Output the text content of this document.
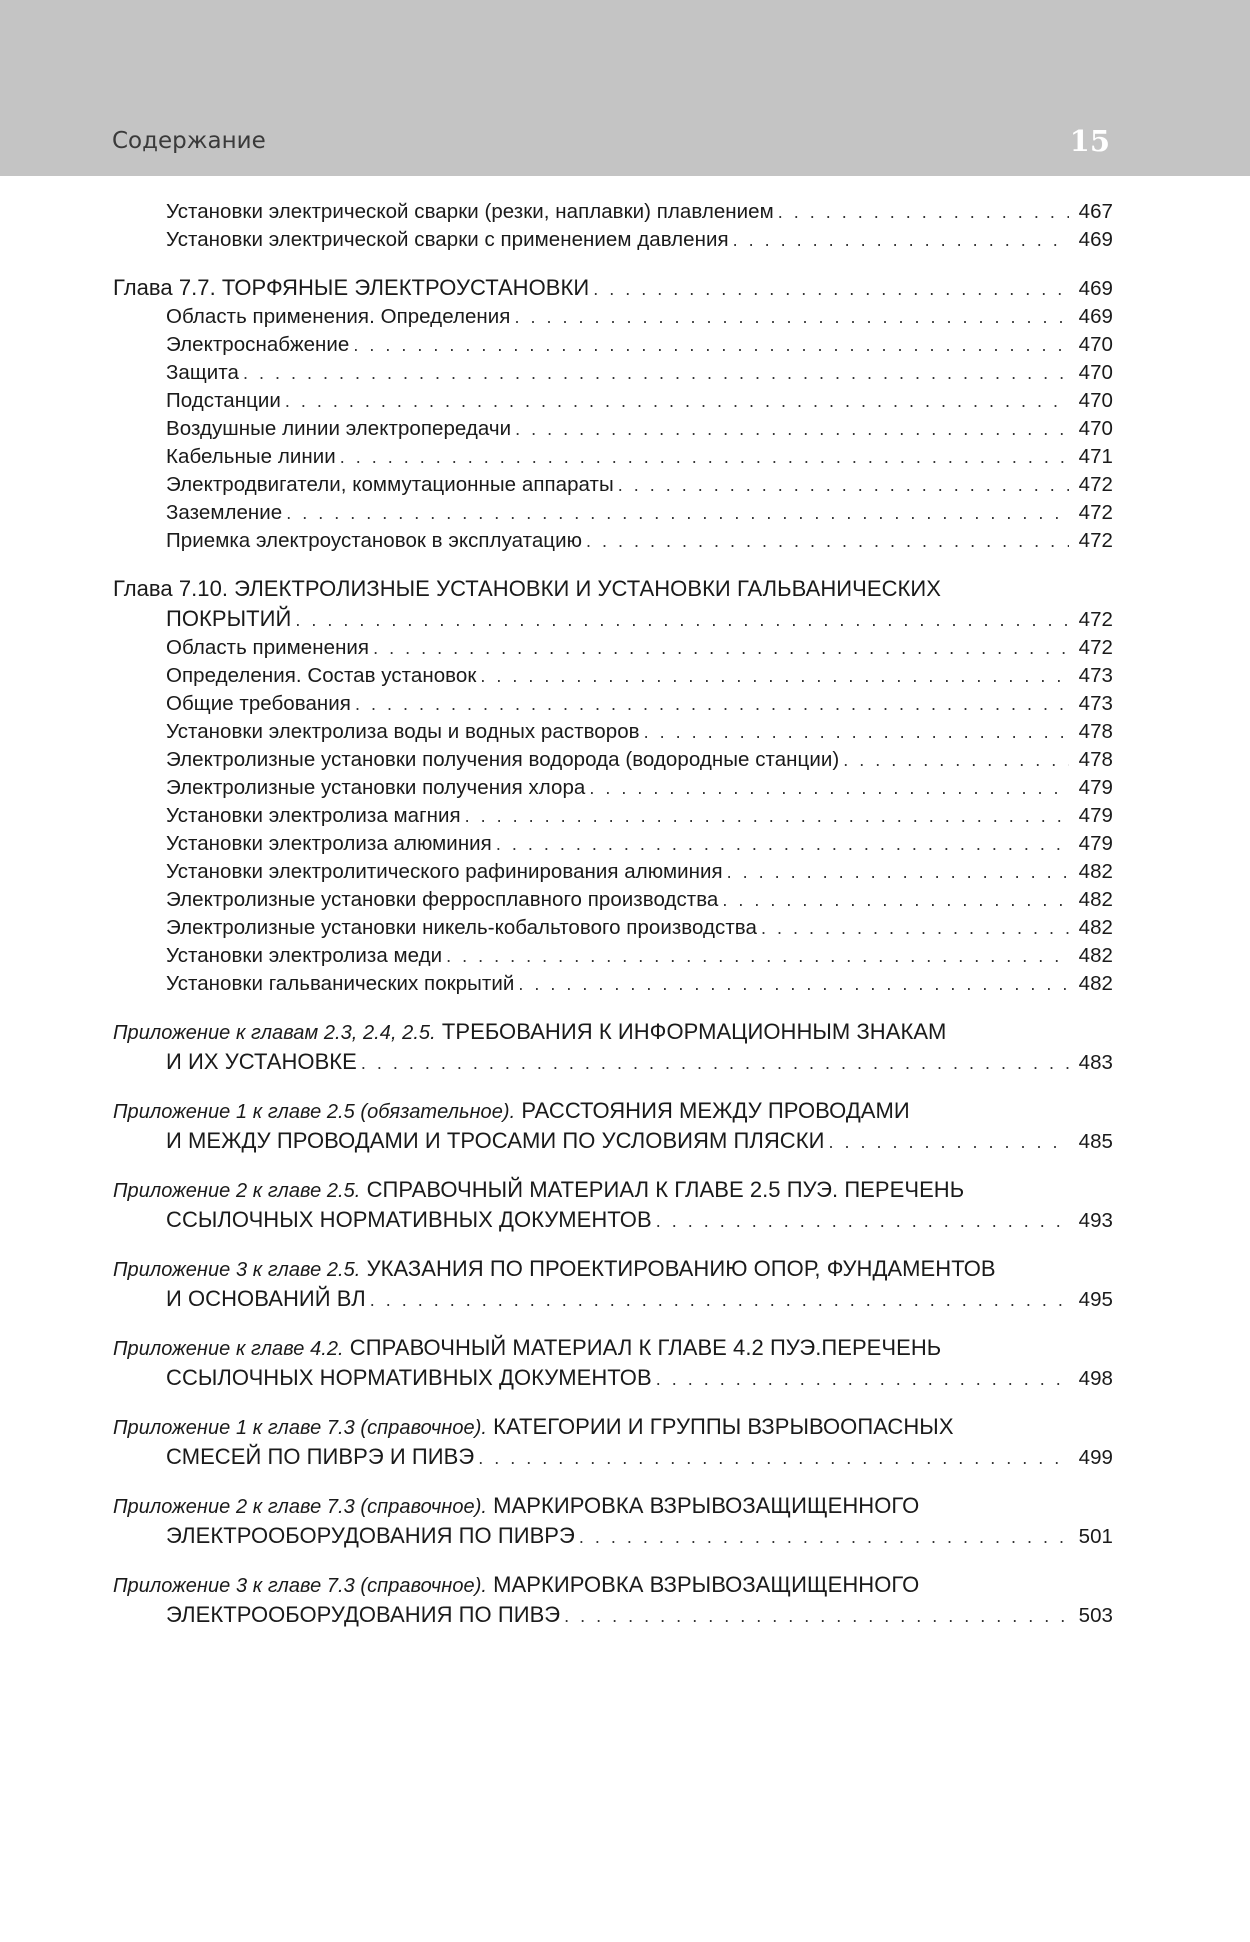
Содержание	15
Установки электрической сварки (резки, наплавки) плавлением . . .	467
Установки электрической сварки с применением давления . . .	469
Глава 7.7. ТОРФЯНЫЕ ЭЛЕКТРОУСТАНОВКИ . . .	469
Область применения. Определения . . .	469
Электроснабжение . . .	470
Защита . . .	470
Подстанции . . .	470
Воздушные линии электропередачи . . .	470
Кабельные линии . . .	471
Электродвигатели, коммутационные аппараты . . .	472
Заземление . . .	472
Приемка электроустановок в эксплуатацию . . .	472
Глава 7.10. ЭЛЕКТРОЛИЗНЫЕ УСТАНОВКИ И УСТАНОВКИ ГАЛЬВАНИЧЕСКИХ
ПОКРЫТИЙ . . .	472
Область применения . . .	472
Определения. Состав установок . . .	473
Общие требования . . .	473
Установки электролиза воды и водных растворов . . .	478
Электролизные установки получения водорода (водородные станции) . . .	478
Электролизные установки получения хлора . . .	479
Установки электролиза магния . . .	479
Установки электролиза алюминия . . .	479
Установки электролитического рафинирования алюминия . . .	482
Электролизные установки ферросплавного производства . . .	482
Электролизные установки никель-кобальтового производства . . .	482
Установки электролиза меди . . .	482
Установки гальванических покрытий . . .	482
Приложение к главам 2.3, 2.4, 2.5. ТРЕБОВАНИЯ К ИНФОРМАЦИОННЫМ ЗНАКАМ
И ИХ УСТАНОВКЕ . . .	483
Приложение 1 к главе 2.5 (обязательное). РАССТОЯНИЯ МЕЖДУ ПРОВОДАМИ
И МЕЖДУ ПРОВОДАМИ И ТРОСАМИ ПО УСЛОВИЯМ ПЛЯСКИ . . .	485
Приложение 2 к главе 2.5. СПРАВОЧНЫЙ МАТЕРИАЛ К ГЛАВЕ 2.5 ПУЭ. ПЕРЕЧЕНЬ
ССЫЛОЧНЫХ НОРМАТИВНЫХ ДОКУМЕНТОВ . . .	493
Приложение 3 к главе 2.5. УКАЗАНИЯ ПО ПРОЕКТИРОВАНИЮ ОПОР, ФУНДАМЕНТОВ
И ОСНОВАНИЙ ВЛ . . .	495
Приложение к главе 4.2. СПРАВОЧНЫЙ МАТЕРИАЛ К ГЛАВЕ 4.2 ПУЭ.ПЕРЕЧЕНЬ
ССЫЛОЧНЫХ НОРМАТИВНЫХ ДОКУМЕНТОВ . . .	498
Приложение 1 к главе 7.3 (справочное). КАТЕГОРИИ И ГРУППЫ ВЗРЫВООПАСНЫХ
СМЕСЕЙ ПО ПИВРЭ И ПИВЭ . . .	499
Приложение 2 к главе 7.3 (справочное). МАРКИРОВКА ВЗРЫВОЗАЩИЩЕННОГО
ЭЛЕКТРООБОРУДОВАНИЯ ПО ПИВРЭ . . .	501
Приложение 3 к главе 7.3 (справочное). МАРКИРОВКА ВЗРЫВОЗАЩИЩЕННОГО
ЭЛЕКТРООБОРУДОВАНИЯ ПО ПИВЭ . . .	503
